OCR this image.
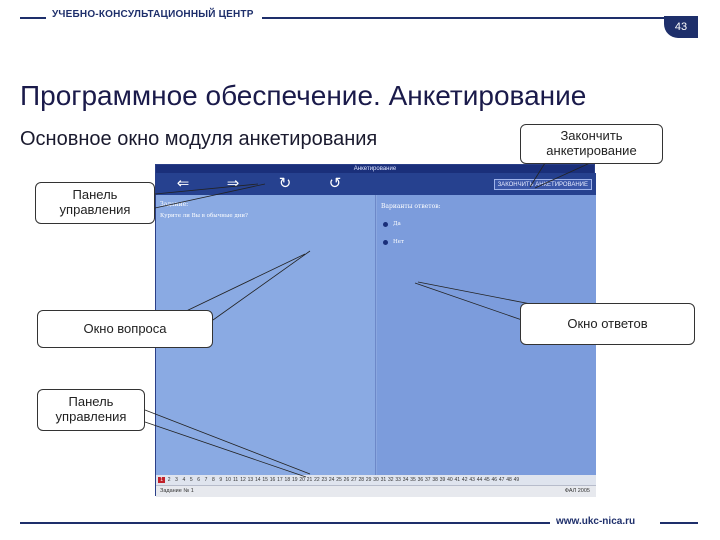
УЧЕБНО-КОНСУЛЬТАЦИОННЫЙ ЦЕНТР
43
Программное обеспечение. Анкетирование
Основное окно модуля анкетирования
Анкетирование
⇐	⇒	↻	↺	ЗАКОНЧИТЬ АНКЕТИРОВАНИЕ
Задание:
Курите ли Вы в обычные дни?
Варианты ответов:
Да
Нет
1 2 3 4 5 6 7 8 9 10 11 12 13 14 15 16 17 18 19 20 21 22 23 24 25 26 27 28 29 30 31 32 33 34 35 36 37 38 39 40 41 42 43 44 45 46 47 48 49
Задание № 1	ФАЛ 2005
Закончить анкетирование
Панель управления
Окно вопроса	Окно ответов
Панель управления
www.ukc-nica.ru
